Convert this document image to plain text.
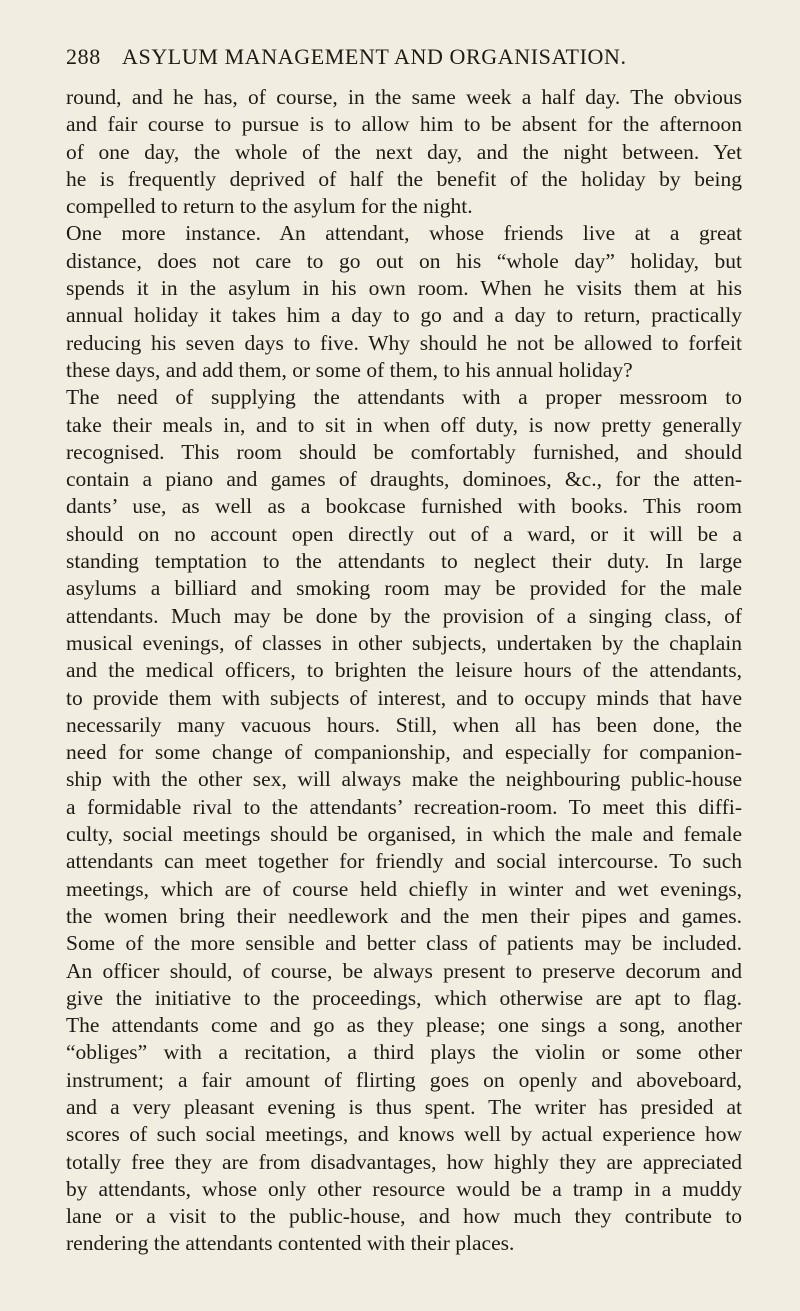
288 ASYLUM MANAGEMENT AND ORGANISATION.
round, and he has, of course, in the same week a half day. The obvious
and fair course to pursue is to allow him to be absent for the afternoon
of one day, the whole of the next day, and the night between. Yet
he is frequently deprived of half the benefit of the holiday by being
compelled to return to the asylum for the night.
One more instance. An attendant, whose friends live at a great
distance, does not care to go out on his “whole day” holiday, but
spends it in the asylum in his own room. When he visits them at his
annual holiday it takes him a day to go and a day to return, practically
reducing his seven days to five. Why should he not be allowed to forfeit
these days, and add them, or some of them, to his annual holiday?
The need of supplying the attendants with a proper messroom to
take their meals in, and to sit in when off duty, is now pretty generally
recognised. This room should be comfortably furnished, and should
contain a piano and games of draughts, dominoes, &c., for the atten-
dants’ use, as well as a bookcase furnished with books. This room
should on no account open directly out of a ward, or it will be a
standing temptation to the attendants to neglect their duty. In large
asylums a billiard and smoking room may be provided for the male
attendants. Much may be done by the provision of a singing class, of
musical evenings, of classes in other subjects, undertaken by the chaplain
and the medical officers, to brighten the leisure hours of the attendants,
to provide them with subjects of interest, and to occupy minds that have
necessarily many vacuous hours. Still, when all has been done, the
need for some change of companionship, and especially for companion-
ship with the other sex, will always make the neighbouring public-house
a formidable rival to the attendants’ recreation-room. To meet this diffi-
culty, social meetings should be organised, in which the male and female
attendants can meet together for friendly and social intercourse. To such
meetings, which are of course held chiefly in winter and wet evenings,
the women bring their needlework and the men their pipes and games.
Some of the more sensible and better class of patients may be included.
An officer should, of course, be always present to preserve decorum and
give the initiative to the proceedings, which otherwise are apt to flag.
The attendants come and go as they please; one sings a song, another
“obliges” with a recitation, a third plays the violin or some other
instrument; a fair amount of flirting goes on openly and aboveboard,
and a very pleasant evening is thus spent. The writer has presided at
scores of such social meetings, and knows well by actual experience how
totally free they are from disadvantages, how highly they are appreciated
by attendants, whose only other resource would be a tramp in a muddy
lane or a visit to the public-house, and how much they contribute to
rendering the attendants contented with their places.
